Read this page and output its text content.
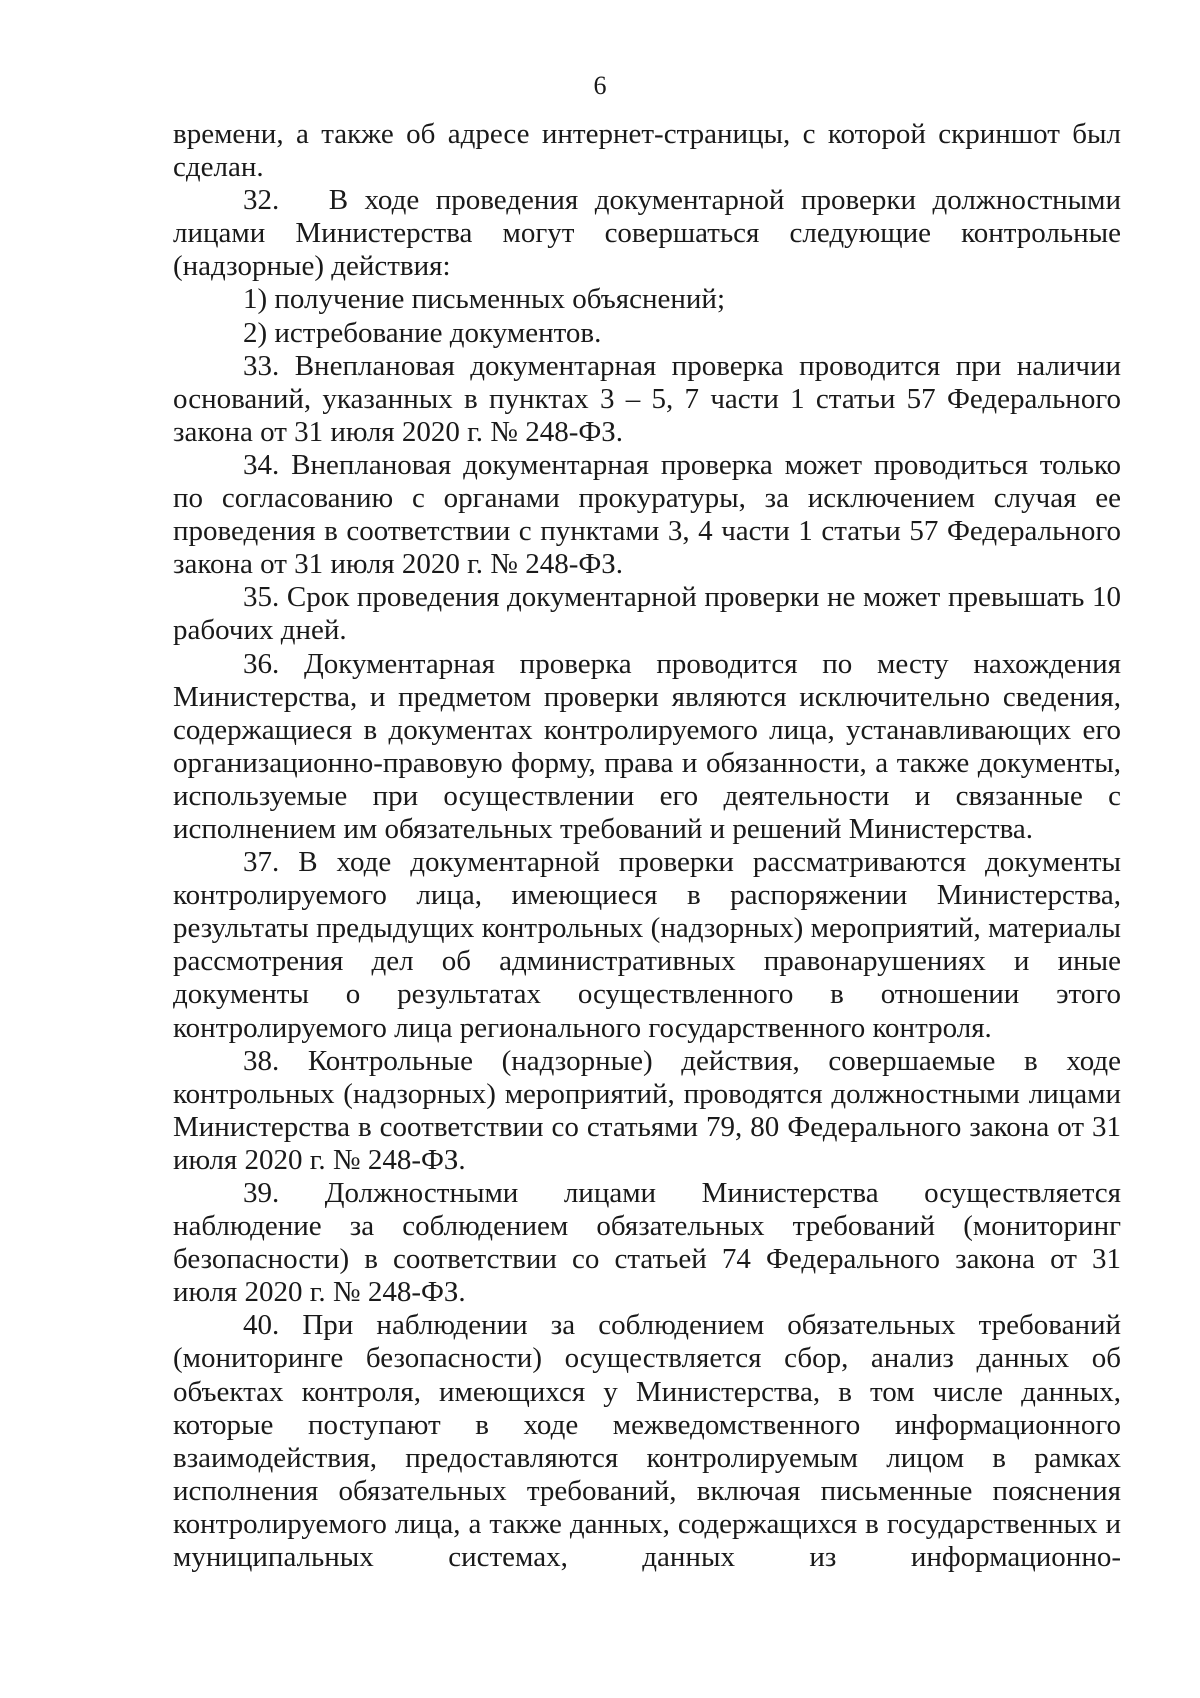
6

времени, а также об адресе интернет-страницы, с которой скриншот был сделан.

32.   В ходе проведения документарной проверки должностными лицами Министерства могут совершаться следующие контрольные (надзорные) действия:

1) получение письменных объяснений;

2) истребование документов.

33. Внеплановая документарная проверка проводится при наличии оснований, указанных в пунктах 3 – 5, 7 части 1 статьи 57 Федерального закона от 31 июля 2020 г. № 248-ФЗ.

34. Внеплановая документарная проверка может проводиться только по согласованию с органами прокуратуры, за исключением случая ее проведения в соответствии с пунктами 3, 4 части 1 статьи 57 Федерального закона от 31 июля 2020 г. № 248-ФЗ.

35. Срок проведения документарной проверки не может превышать 10 рабочих дней.

36. Документарная проверка проводится по месту нахождения Министерства, и предметом проверки являются исключительно сведения, содержащиеся в документах контролируемого лица, устанавливающих его организационно-правовую форму, права и обязанности, а также документы, используемые при осуществлении его деятельности и связанные с исполнением им обязательных требований и решений Министерства.

37. В ходе документарной проверки рассматриваются документы контролируемого лица, имеющиеся в распоряжении Министерства, результаты предыдущих контрольных (надзорных) мероприятий, материалы рассмотрения дел об административных правонарушениях и иные документы о результатах осуществленного в отношении этого контролируемого лица регионального государственного контроля.

38. Контрольные (надзорные) действия, совершаемые в ходе контрольных (надзорных) мероприятий, проводятся должностными лицами Министерства в соответствии со статьями 79, 80 Федерального закона от 31 июля 2020 г. № 248-ФЗ.

39. Должностными лицами Министерства осуществляется наблюдение за соблюдением обязательных требований (мониторинг безопасности) в соответствии со статьей 74 Федерального закона от 31 июля 2020 г. № 248-ФЗ.

40. При наблюдении за соблюдением обязательных требований (мониторинге безопасности) осуществляется сбор, анализ данных об объектах контроля, имеющихся у Министерства, в том числе данных, которые поступают в ходе межведомственного информационного взаимодействия, предоставляются контролируемым лицом в рамках исполнения обязательных требований, включая письменные пояснения контролируемого лица, а также данных, содержащихся в государственных и муниципальных системах, данных из информационно-
